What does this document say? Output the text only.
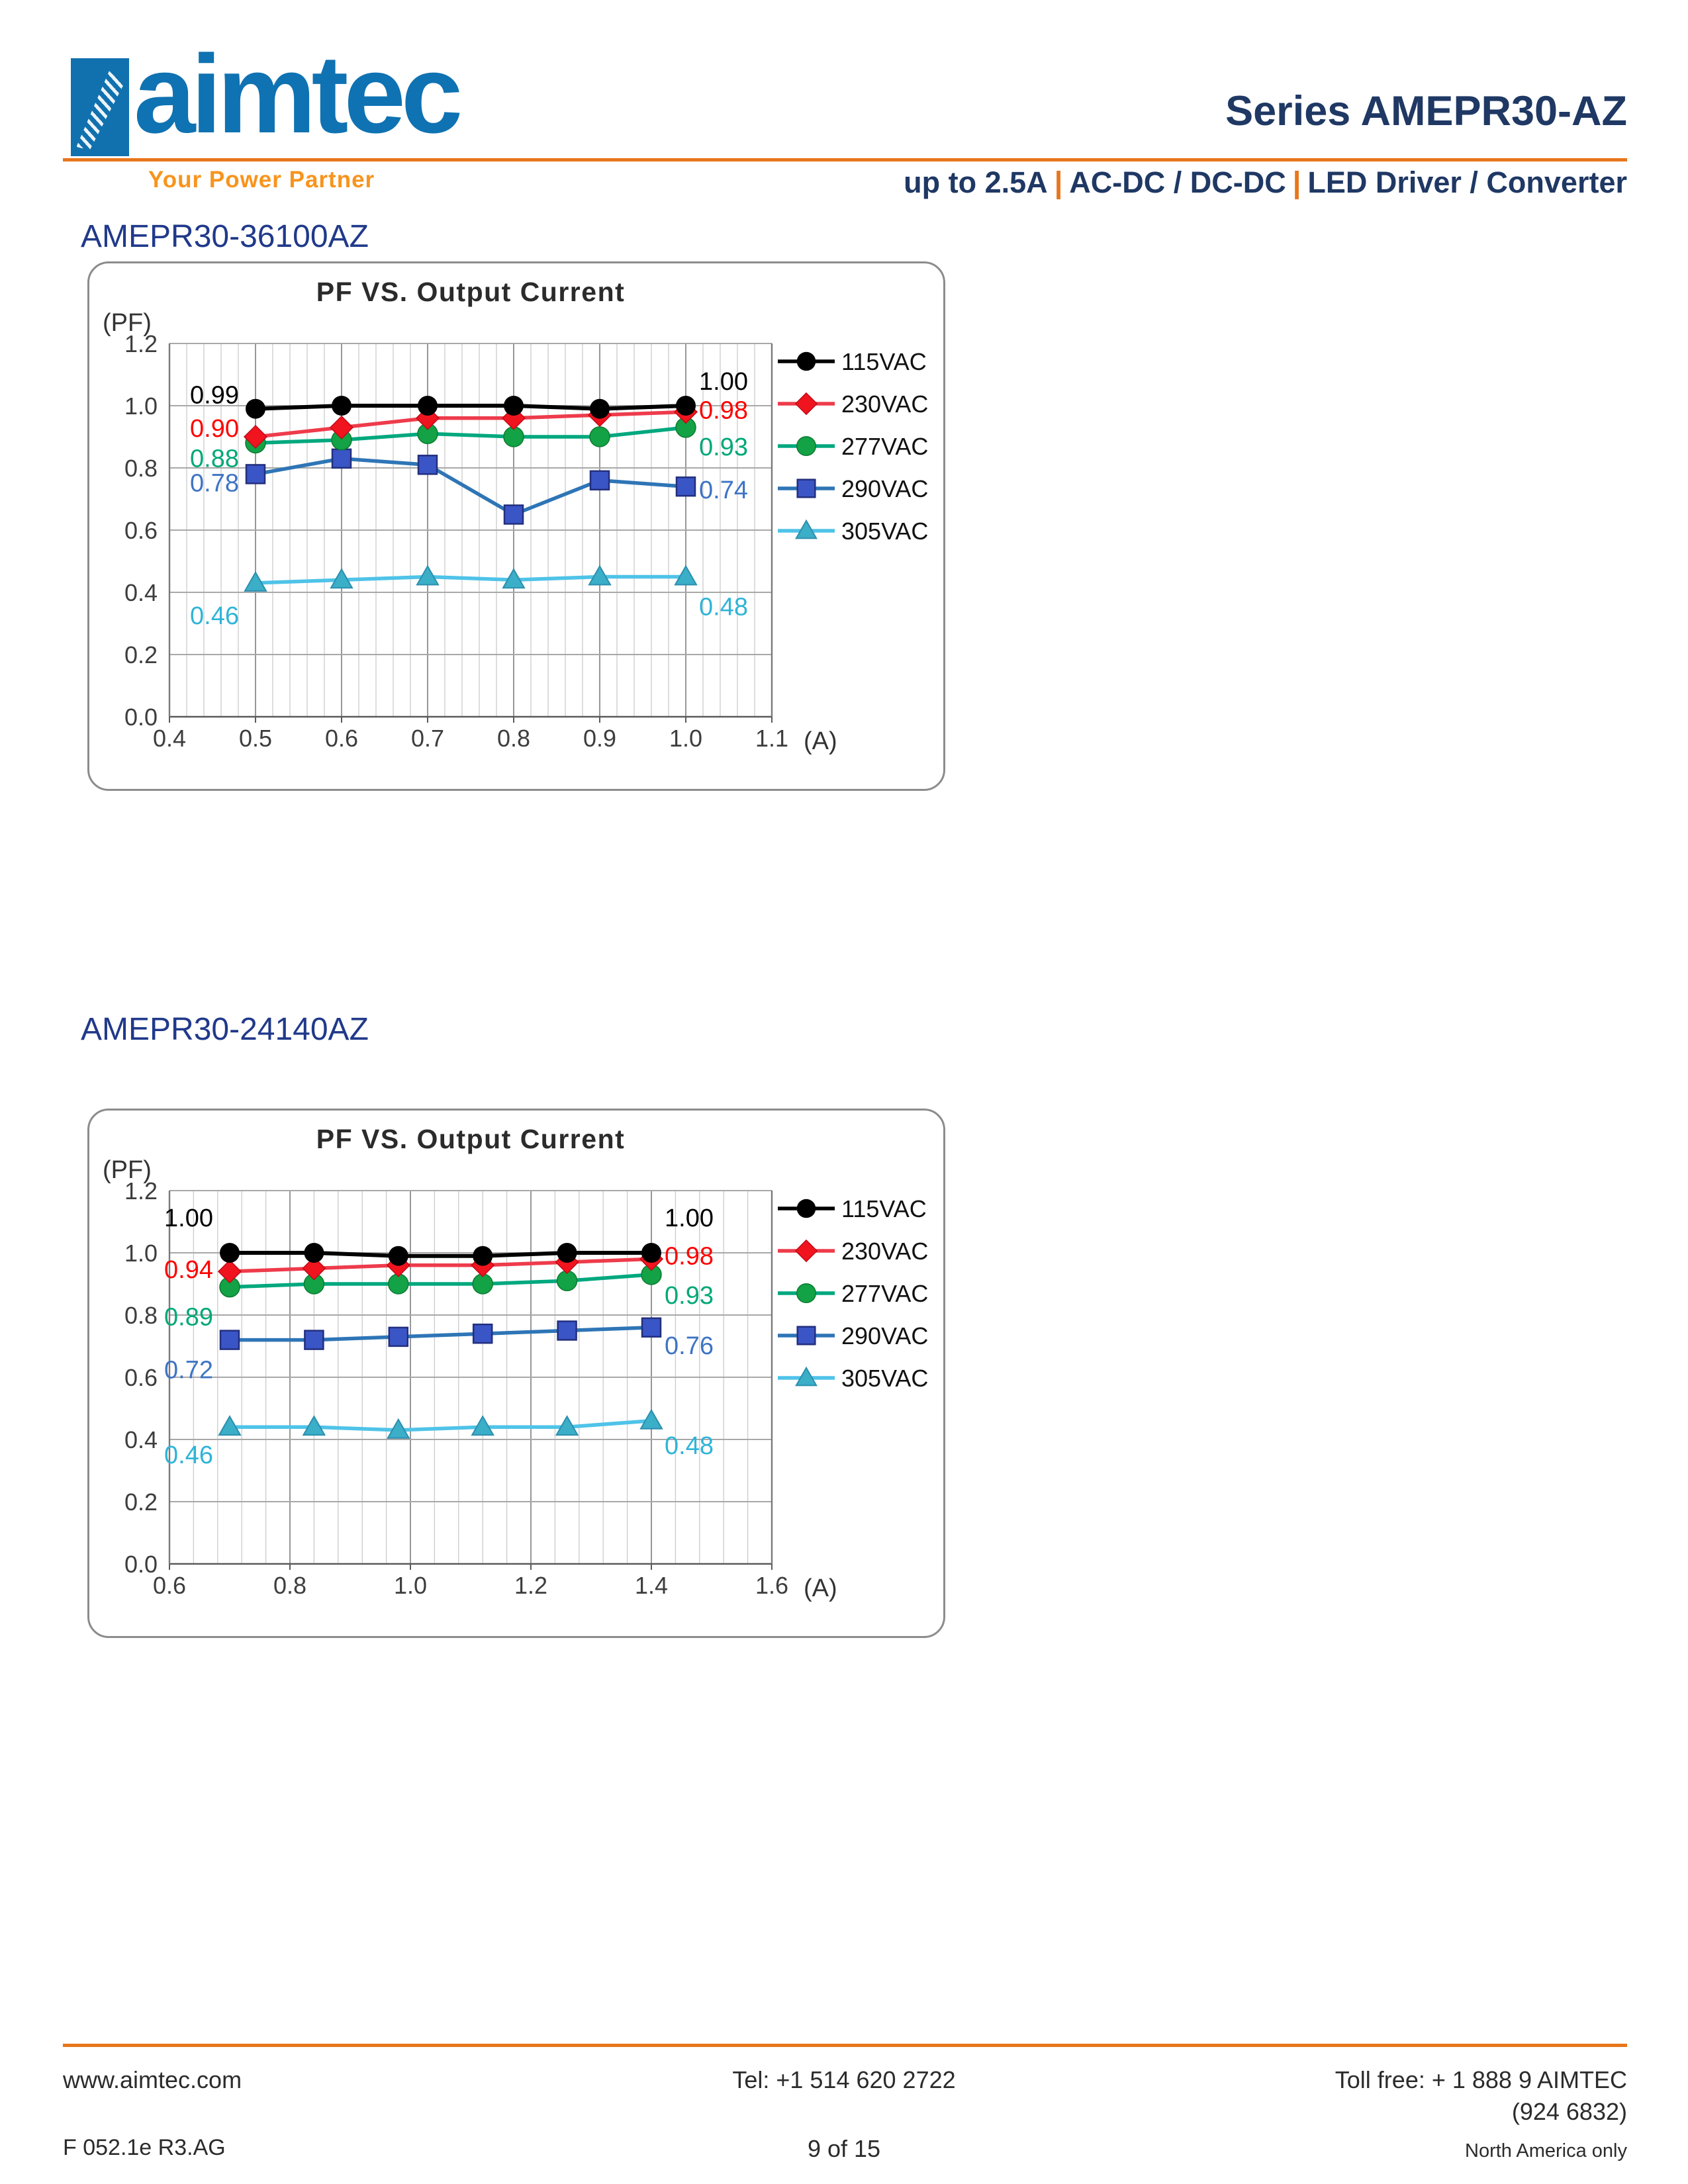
aimtec
Your Power Partner
Series AMEPR30-AZ
up to 2.5A | AC-DC / DC-DC | LED Driver / Converter
AMEPR30-36100AZ
AMEPR30-24140AZ
PF VS. Output Current
(PF)
(A)
0.0
0.2
0.4
0.6
0.8
1.0
1.2
0.4 0.5 0.6 0.7 0.8 0.9 1.0 1.1
0.99	1.00
0.90
0.98
0.88	0.93
0.78	0.74
0.46	0.48
115VAC
230VAC
277VAC
290VAC
305VAC
PF VS. Output Current
(PF)
(A)
0.0
0.2
0.4
0.6
0.8
1.0
1.2
0.6	0.8	1.0	1.2	1.4	1.6
1.00	1.00
0.94	0.98
0.89
0.93
0.72
0.76
0.46	0.48
115VAC
230VAC
277VAC
290VAC
305VAC
www.aimtec.com	Tel: +1 514 620 2722	Toll free: + 1 888 9 AIMTEC
(924 6832)
F 052.1e R3.AG	9 of 15	North America only
